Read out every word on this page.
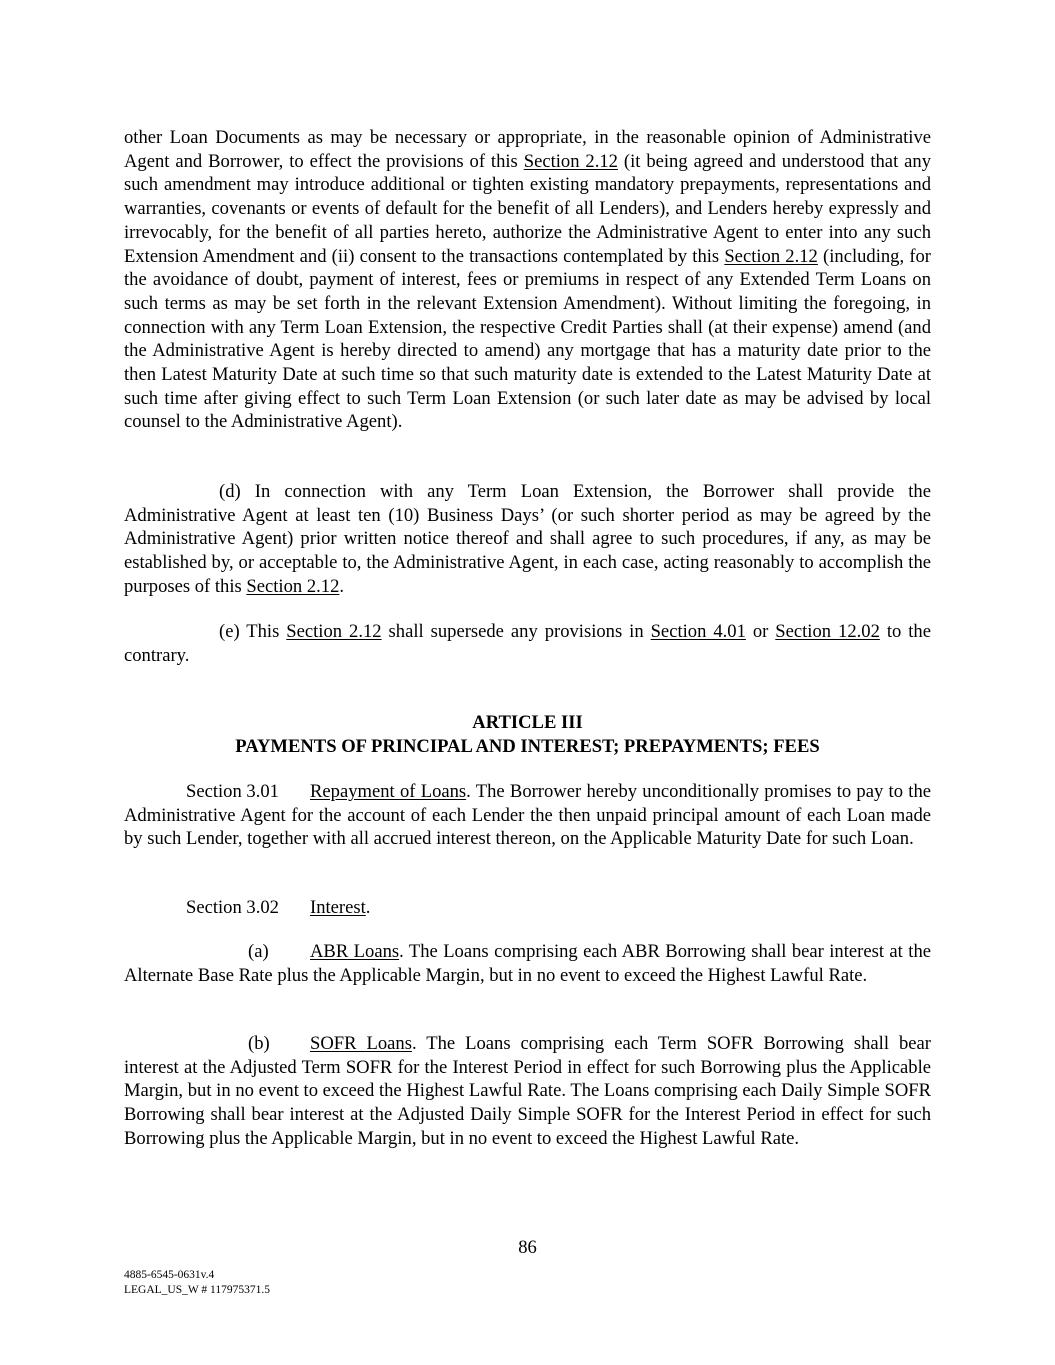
other Loan Documents as may be necessary or appropriate, in the reasonable opinion of Administrative Agent and Borrower, to effect the provisions of this Section 2.12 (it being agreed and understood that any such amendment may introduce additional or tighten existing mandatory prepayments, representations and warranties, covenants or events of default for the benefit of all Lenders), and Lenders hereby expressly and irrevocably, for the benefit of all parties hereto, authorize the Administrative Agent to enter into any such Extension Amendment and (ii) consent to the transactions contemplated by this Section 2.12 (including, for the avoidance of doubt, payment of interest, fees or premiums in respect of any Extended Term Loans on such terms as may be set forth in the relevant Extension Amendment). Without limiting the foregoing, in connection with any Term Loan Extension, the respective Credit Parties shall (at their expense) amend (and the Administrative Agent is hereby directed to amend) any mortgage that has a maturity date prior to the then Latest Maturity Date at such time so that such maturity date is extended to the Latest Maturity Date at such time after giving effect to such Term Loan Extension (or such later date as may be advised by local counsel to the Administrative Agent).

(d) In connection with any Term Loan Extension, the Borrower shall provide the Administrative Agent at least ten (10) Business Days’ (or such shorter period as may be agreed by the Administrative Agent) prior written notice thereof and shall agree to such procedures, if any, as may be established by, or acceptable to, the Administrative Agent, in each case, acting reasonably to accomplish the purposes of this Section 2.12.

(e) This Section 2.12 shall supersede any provisions in Section 4.01 or Section 12.02 to the contrary.

ARTICLE III
PAYMENTS OF PRINCIPAL AND INTEREST; PREPAYMENTS; FEES

Section 3.01 Repayment of Loans. The Borrower hereby unconditionally promises to pay to the Administrative Agent for the account of each Lender the then unpaid principal amount of each Loan made by such Lender, together with all accrued interest thereon, on the Applicable Maturity Date for such Loan.

Section 3.02 Interest.

(a) ABR Loans. The Loans comprising each ABR Borrowing shall bear interest at the Alternate Base Rate plus the Applicable Margin, but in no event to exceed the Highest Lawful Rate.

(b) SOFR Loans. The Loans comprising each Term SOFR Borrowing shall bear interest at the Adjusted Term SOFR for the Interest Period in effect for such Borrowing plus the Applicable Margin, but in no event to exceed the Highest Lawful Rate. The Loans comprising each Daily Simple SOFR Borrowing shall bear interest at the Adjusted Daily Simple SOFR for the Interest Period in effect for such Borrowing plus the Applicable Margin, but in no event to exceed the Highest Lawful Rate.

86
4885-6545-0631v.4
LEGAL_US_W # 117975371.5
